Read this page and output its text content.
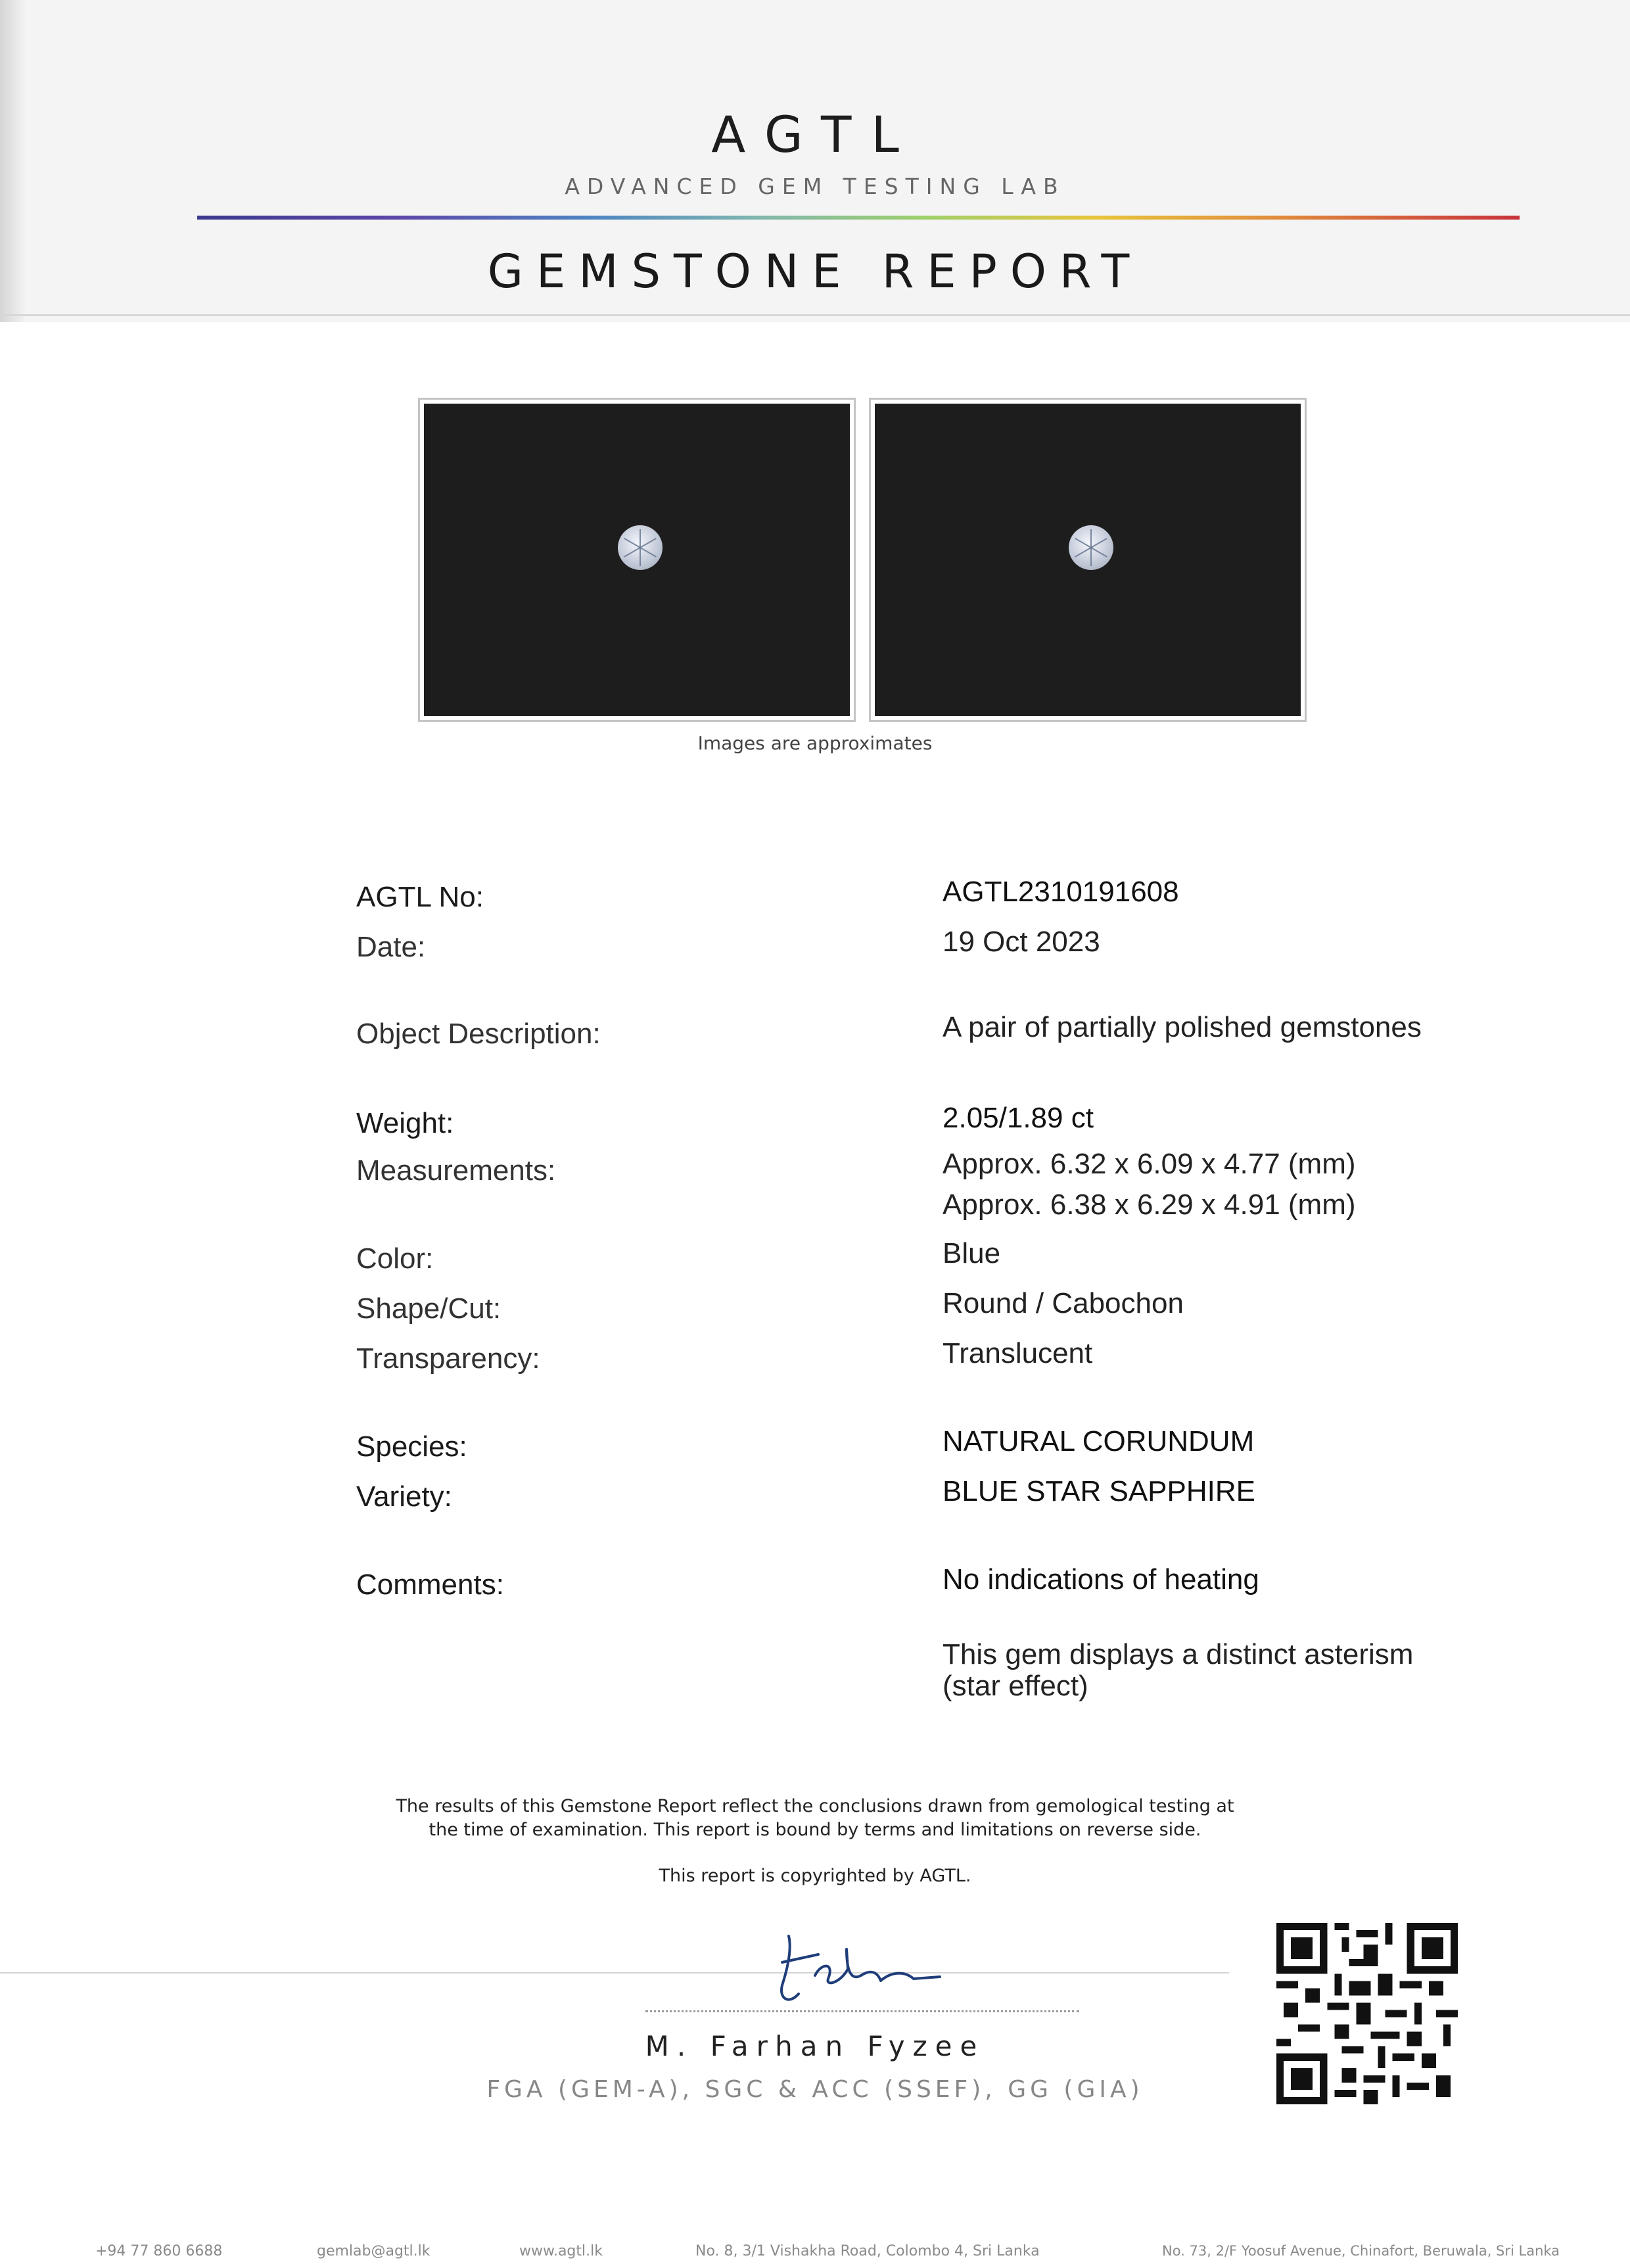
AGTL
ADVANCED GEM TESTING LAB
GEMSTONE REPORT
Images are approximates
AGTL No:	AGTL2310191608
Date:	19 Oct 2023
Object Description:	A pair of partially polished gemstones
Weight:	2.05/1.89 ct
Measurements:	Approx. 6.32 x 6.09 x 4.77 (mm)
Approx. 6.38 x 6.29 x 4.91 (mm)
Color:	Blue
Shape/Cut:	Round / Cabochon
Transparency:	Translucent
Species:	NATURAL CORUNDUM
Variety:	BLUE STAR SAPPHIRE
Comments:	No indications of heating
This gem displays a distinct asterism
(star effect)
The results of this Gemstone Report reflect the conclusions drawn from gemological testing at
the time of examination. This report is bound by terms and limitations on reverse side.
This report is copyrighted by AGTL.
M. Farhan Fyzee
FGA (GEM-A), SGC & ACC (SSEF), GG (GIA)
+94 77 860 6688	gemlab@agtl.lk	www.agtl.lk	No. 8, 3/1 Vishakha Road, Colombo 4, Sri Lanka	No. 73, 2/F Yoosuf Avenue, Chinafort, Beruwala, Sri Lanka
